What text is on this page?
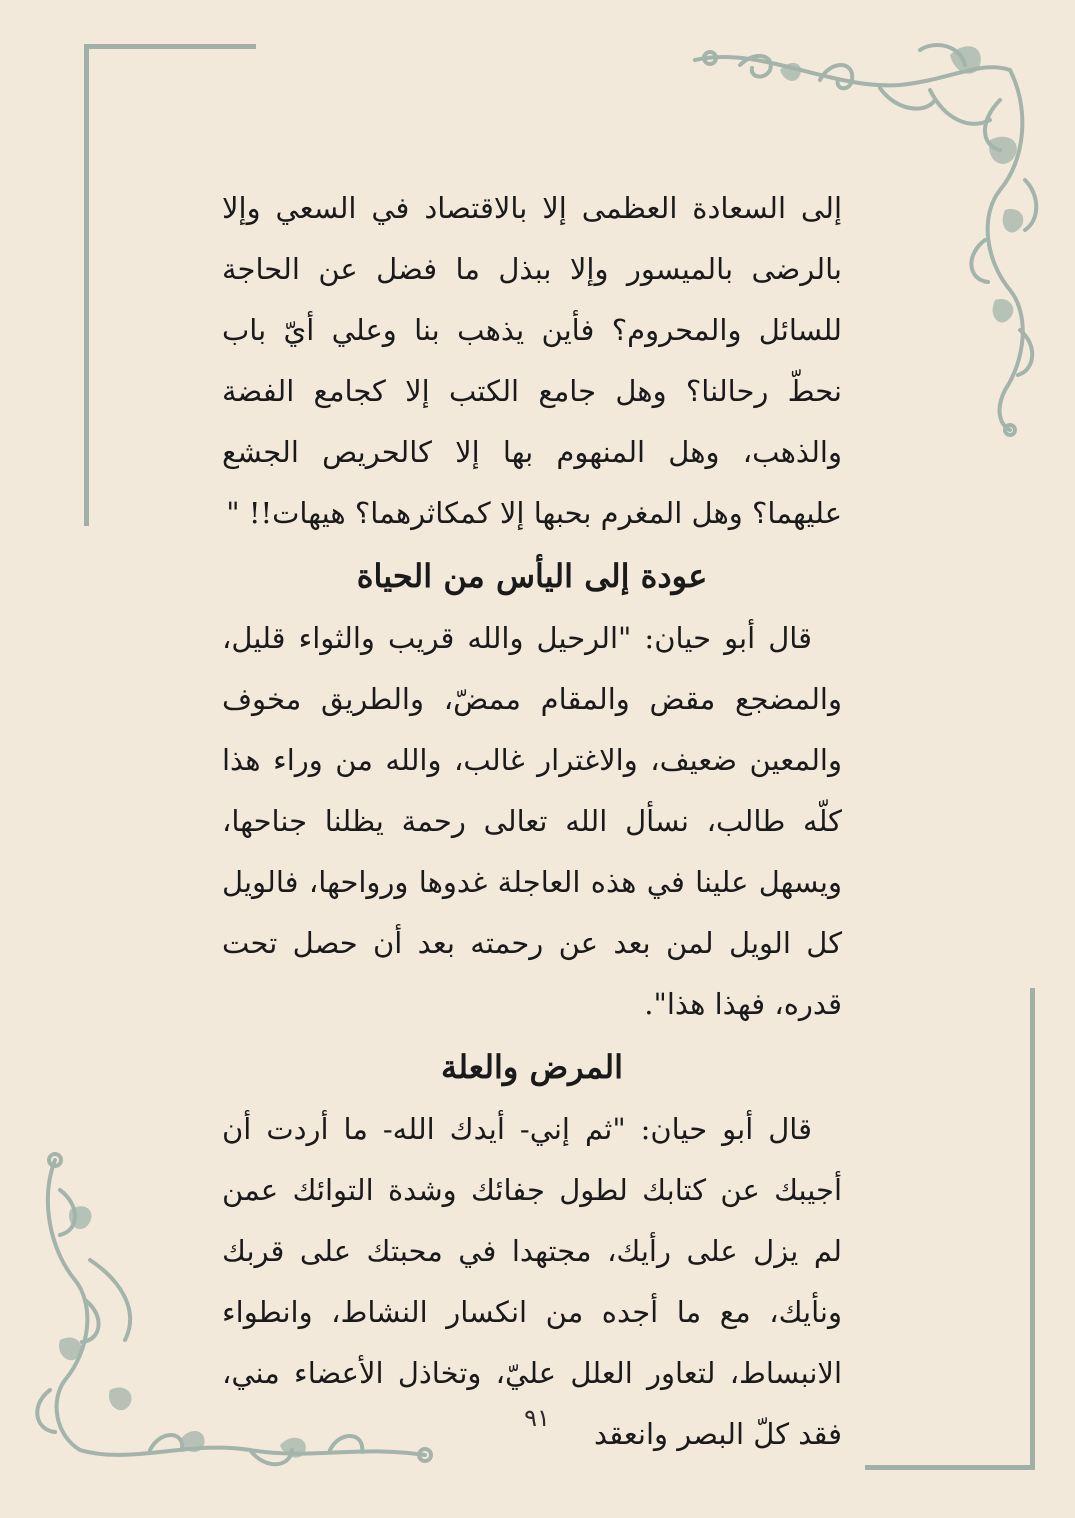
إلى السعادة العظمى إلا بالاقتصاد في السعي وإلا بالرضى بالميسور وإلا ببذل ما فضل عن الحاجة للسائل والمحروم؟ فأين يذهب بنا وعلي أيّ باب نحطّ رحالنا؟ وهل جامع الكتب إلا كجامع الفضة والذهب، وهل المنهوم بها إلا كالحريص الجشع عليهما؟ وهل المغرم بحبها إلا كمكاثرهما؟ هيهات!! "

عودة إلى اليأس من الحياة

قال أبو حيان: "الرحيل والله قريب والثواء قليل، والمضجع مقض والمقام ممضّ، والطريق مخوف والمعين ضعيف، والاغترار غالب، والله من وراء هذا كلّه طالب، نسأل الله تعالى رحمة يظلنا جناحها، ويسهل علينا في هذه العاجلة غدوها ورواحها، فالويل كل الويل لمن بعد عن رحمته بعد أن حصل تحت قدره، فهذا هذا".

المرض والعلة

قال أبو حيان: "ثم إني- أيدك الله- ما أردت أن أجيبك عن كتابك لطول جفائك وشدة التوائك عمن لم يزل على رأيك، مجتهدا في محبتك على قربك ونأيك، مع ما أجده من انكسار النشاط، وانطواء الانبساط، لتعاور العلل عليّ، وتخاذل الأعضاء مني، فقد كلّ البصر وانعقد

٩١
